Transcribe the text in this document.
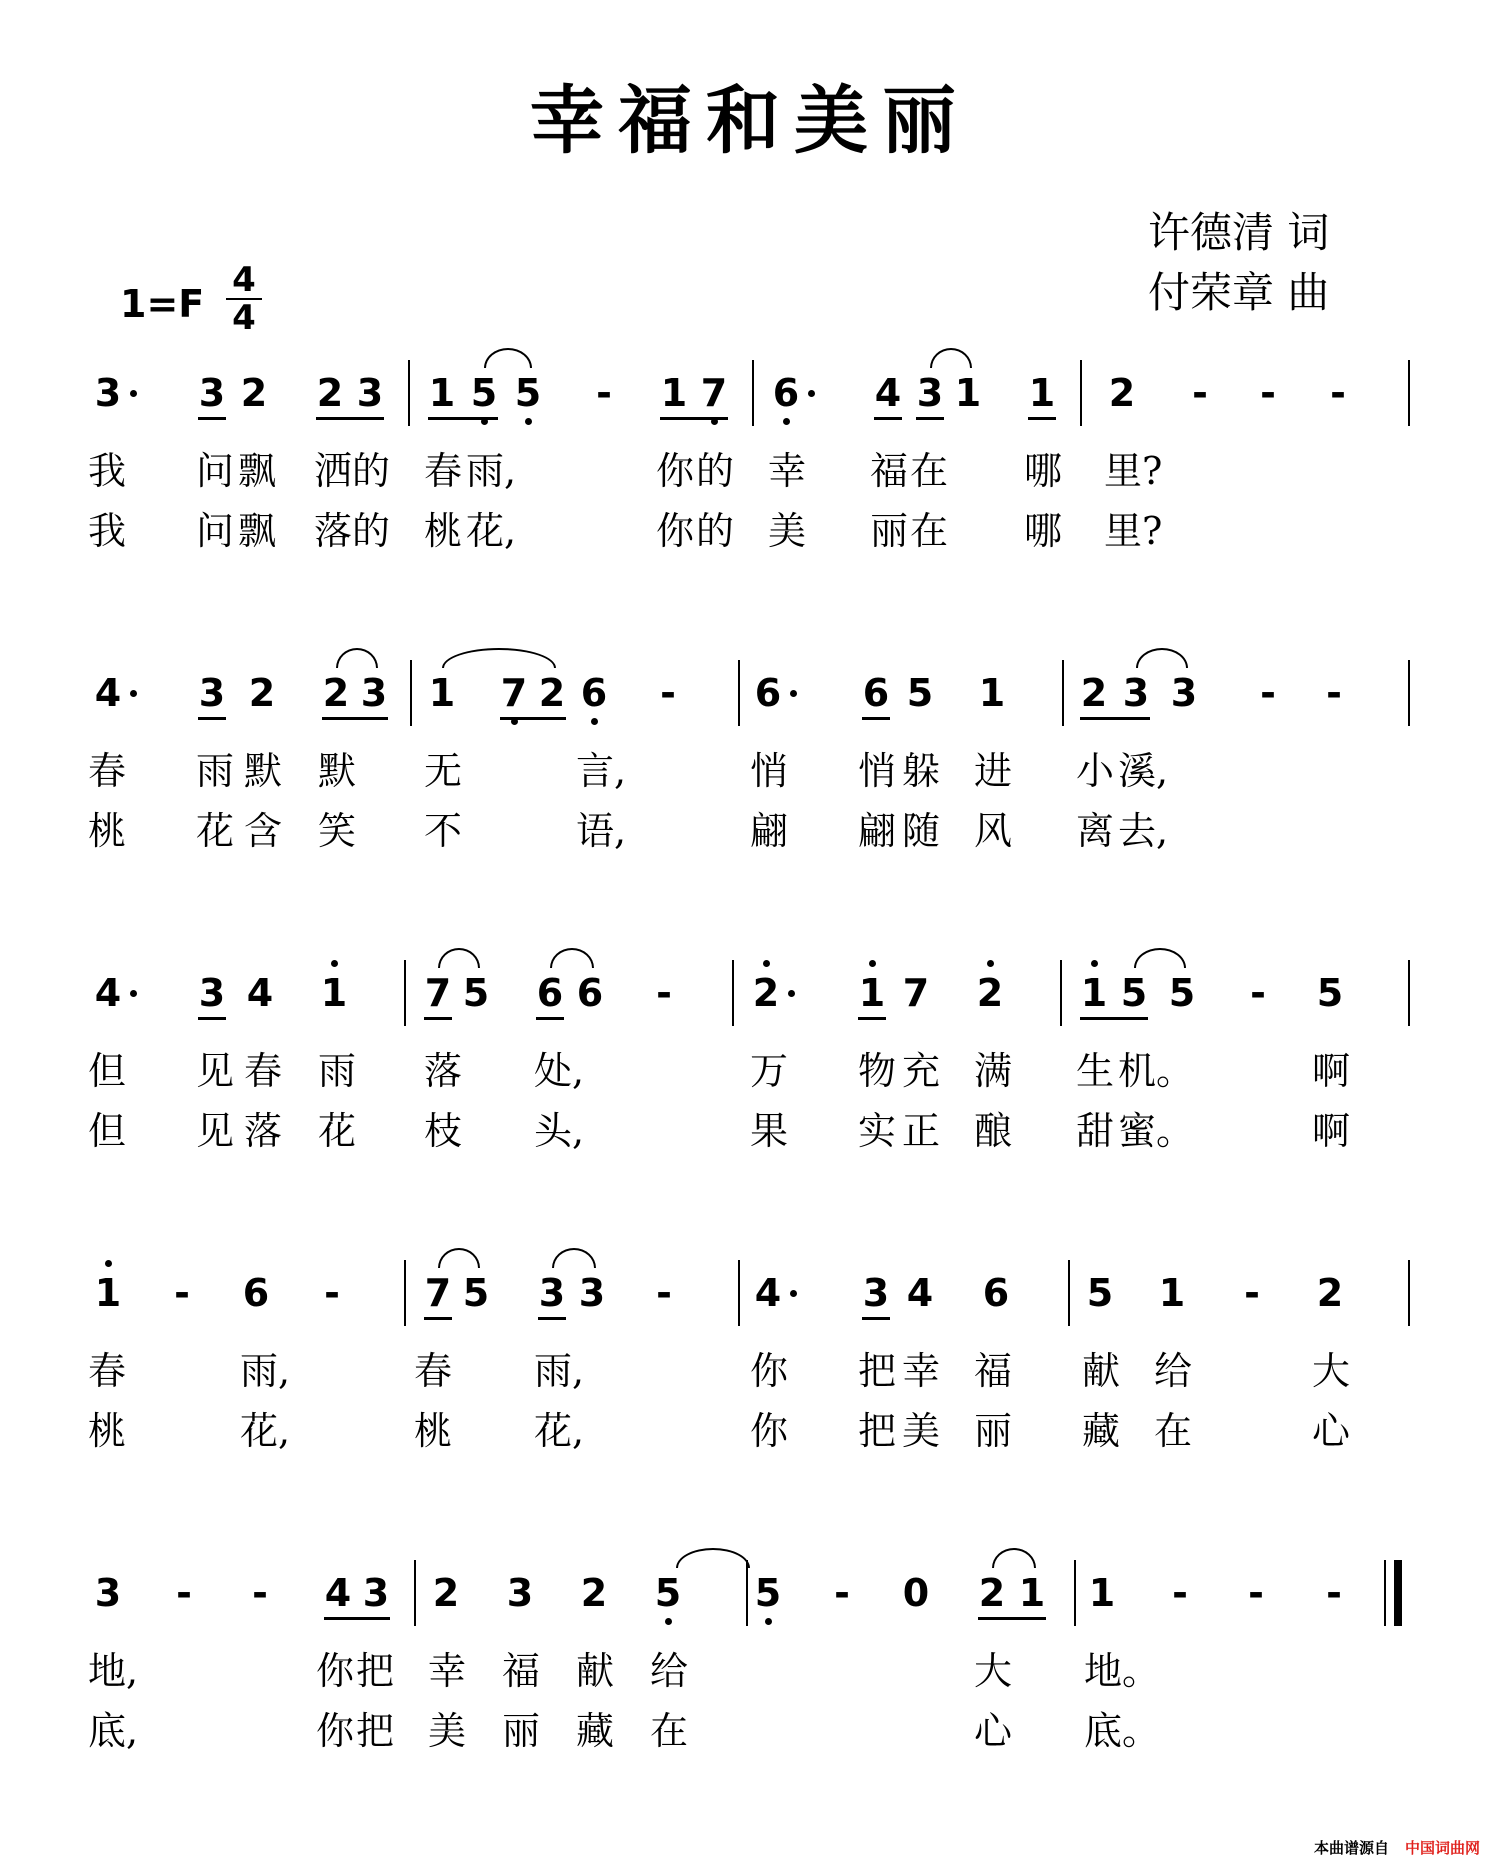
幸福和美丽
许德清 词
付荣章 曲
1=F
4
4
3 3 2 2 3 1 5 5 - 1 7 6 4 3 1 1 2 - - -
我 问 飘 洒 的 春 雨,	你 的 幸 福 在 哪 里?
我 问 飘 落 的 桃 花,	你 的 美 丽 在 哪 里?
4 3 2 2 3 1 7 2 6 - 6 6 5 1 2 3 3 - -
春 雨 默 默 无	言,	悄 悄 躲 进 小 溪,
桃 花 含 笑 不	语,	翩 翩 随 风 离 去,
4 3 4 1 7 5 6 6 - 2 1 7 2 1 5 5 - 5
但 见 春 雨 落 处,	万 物 充 满 生 机。	啊
但 见 落 花 枝 头,	果 实 正 酿 甜 蜜。	啊
1 - 6 - 7 5 3 3 - 4 3 4 6 5 1 - 2
春	雨,	春 雨,	你 把 幸 福 献 给	大
桃	花,	桃 花,	你 把 美 丽 藏 在	心
3 - - 4 3 2 3 2 5 5 - 0 2 1 1 - - -
地,	你 把 幸 福 献 给	大 地。
底,	你 把 美 丽 藏 在	心 底。
本曲谱源自 中国词曲网
